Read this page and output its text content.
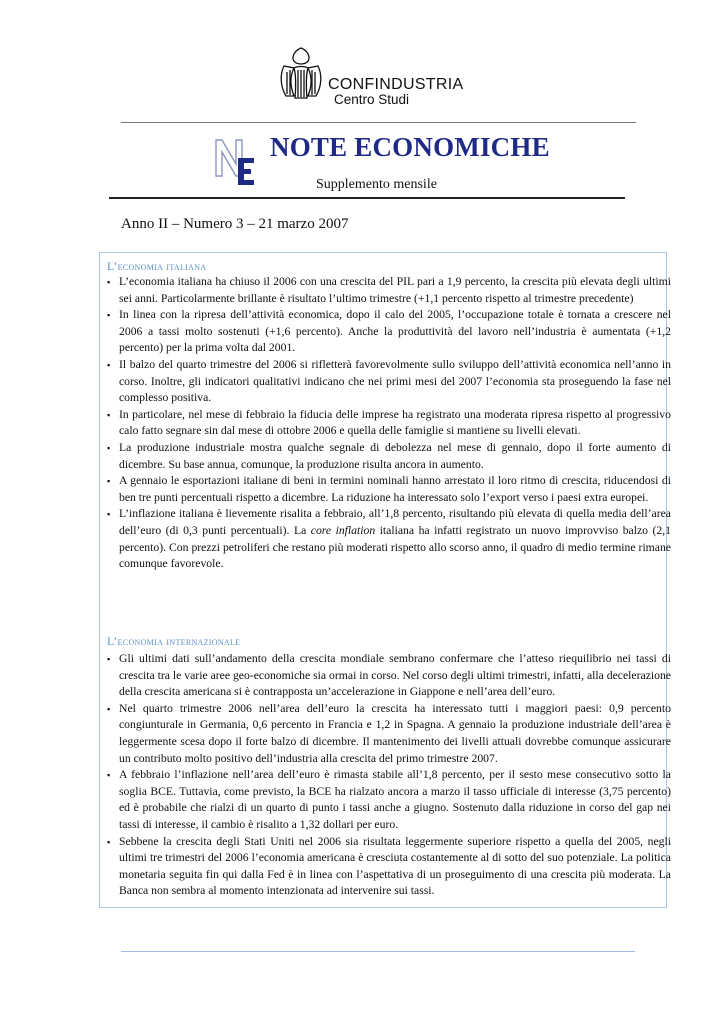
CONFINDUSTRIA
Centro Studi
NOTE ECONOMICHE
Supplemento mensile
Anno II – Numero 3 – 21 marzo 2007
L’economia italiana
▪ L’economia italiana ha chiuso il 2006 con una crescita del PIL pari a 1,9 percento, la crescita più elevata degli ultimi sei anni. Particolarmente brillante è risultato l’ultimo trimestre (+1,1 percento rispetto al trimestre precedente)
▪ In linea con la ripresa dell’attività economica, dopo il calo del 2005, l’occupazione totale è tornata a crescere nel 2006 a tassi molto sostenuti (+1,6 percento). Anche la produttività del lavoro nell’industria è aumentata (+1,2 percento) per la prima volta dal 2001.
▪ Il balzo del quarto trimestre del 2006 si rifletterà favorevolmente sullo sviluppo dell’attività economica nell’anno in corso. Inoltre, gli indicatori qualitativi indicano che nei primi mesi del 2007 l’economia sta proseguendo la fase nel complesso positiva.
▪ In particolare, nel mese di febbraio la fiducia delle imprese ha registrato una moderata ripresa rispetto al progressivo calo fatto segnare sin dal mese di ottobre 2006 e quella delle famiglie si mantiene su livelli elevati.
▪ La produzione industriale mostra qualche segnale di debolezza nel mese di gennaio, dopo il forte aumento di dicembre. Su base annua, comunque, la produzione risulta ancora in aumento.
▪ A gennaio le esportazioni italiane di beni in termini nominali hanno arrestato il loro ritmo di crescita, riducendosi di ben tre punti percentuali rispetto a dicembre. La riduzione ha interessato solo l’export verso i paesi extra europei.
▪ L’inflazione italiana è lievemente risalita a febbraio, all’1,8 percento, risultando più elevata di quella media dell’area dell’euro (di 0,3 punti percentuali). La core inflation italiana ha infatti registrato un nuovo improvviso balzo (2,1 percento). Con prezzi petroliferi che restano più moderati rispetto allo scorso anno, il quadro di medio termine rimane comunque favorevole.
L’economia internazionale
▪ Gli ultimi dati sull’andamento della crescita mondiale sembrano confermare che l’atteso riequilibrio nei tassi di crescita tra le varie aree geo-economiche sia ormai in corso. Nel corso degli ultimi trimestri, infatti, alla decelerazione della crescita americana si è contrapposta un’accelerazione in Giappone e nell’area dell’euro.
▪ Nel quarto trimestre 2006 nell’area dell’euro la crescita ha interessato tutti i maggiori paesi: 0,9 percento congiunturale in Germania, 0,6 percento in Francia e 1,2 in Spagna. A gennaio la produzione industriale dell’area è leggermente scesa dopo il forte balzo di dicembre. Il mantenimento dei livelli attuali dovrebbe comunque assicurare un contributo molto positivo dell’industria alla crescita del primo trimestre 2007.
▪ A febbraio l’inflazione nell’area dell’euro è rimasta stabile all’1,8 percento, per il sesto mese consecutivo sotto la soglia BCE. Tuttavia, come previsto, la BCE ha rialzato ancora a marzo il tasso ufficiale di interesse (3,75 percento) ed è probabile che rialzi di un quarto di punto i tassi anche a giugno. Sostenuto dalla riduzione in corso del gap nei tassi di interesse, il cambio è risalito a 1,32 dollari per euro.
▪ Sebbene la crescita degli Stati Uniti nel 2006 sia risultata leggermente superiore rispetto a quella del 2005, negli ultimi tre trimestri del 2006 l’economia americana è cresciuta costantemente al di sotto del suo potenziale. La politica monetaria seguita fin qui dalla Fed è in linea con l’aspettativa di un proseguimento di una crescita più moderata. La Banca non sembra al momento intenzionata ad intervenire sui tassi.
